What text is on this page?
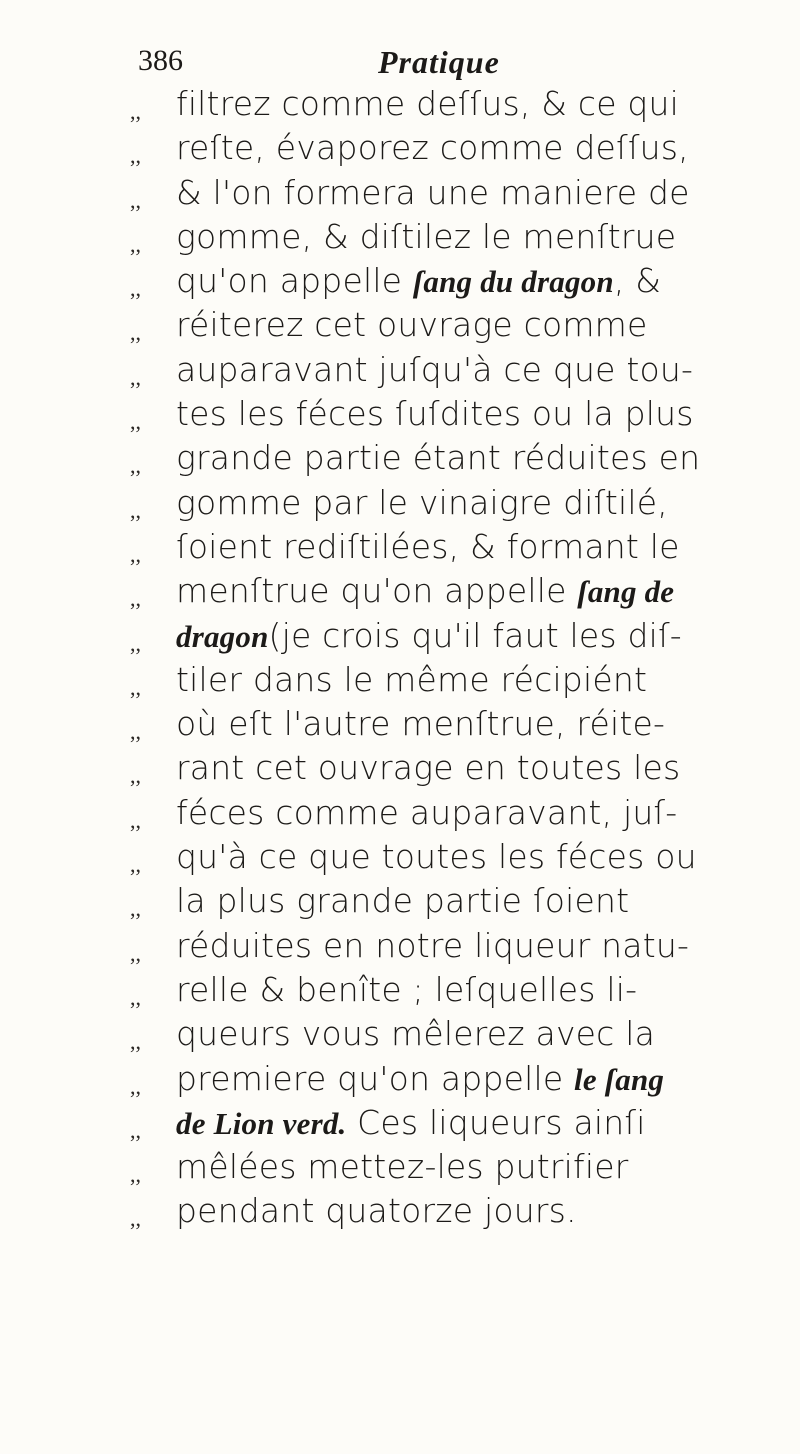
386	Pratique
,, filtrez comme deſſus, & ce qui
,, reſte, évaporez comme deſſus,
,, & l'on formera une maniere de
,, gomme, & diſtilez le menſtrue
,, qu'on appelle ſang du dragon, &
,, réiterez cet ouvrage comme
,, auparavant juſqu'à ce que tou-
,, tes les féces ſuſdites ou la plus
,, grande partie étant réduites en
,, gomme par le vinaigre diſtilé,
,, ſoient rediſtilées, & formant le
,, menſtrue qu'on appelle ſang de
,, dragon(je crois qu'il faut les diſ-
,, tiler dans le même récipiént
,, où eſt l'autre menſtrue, réite-
,, rant cet ouvrage en toutes les
,, féces comme auparavant, juſ-
,, qu'à ce que toutes les féces ou
,, la plus grande partie ſoient
,, réduites en notre liqueur natu-
,, relle & benîte ; leſquelles li-
,, queurs vous mêlerez avec la
,, premiere qu'on appelle le ſang
,, de Lion verd. Ces liqueurs ainſi
,, mêlées mettez-les putrifier
,, pendant quatorze jours.
